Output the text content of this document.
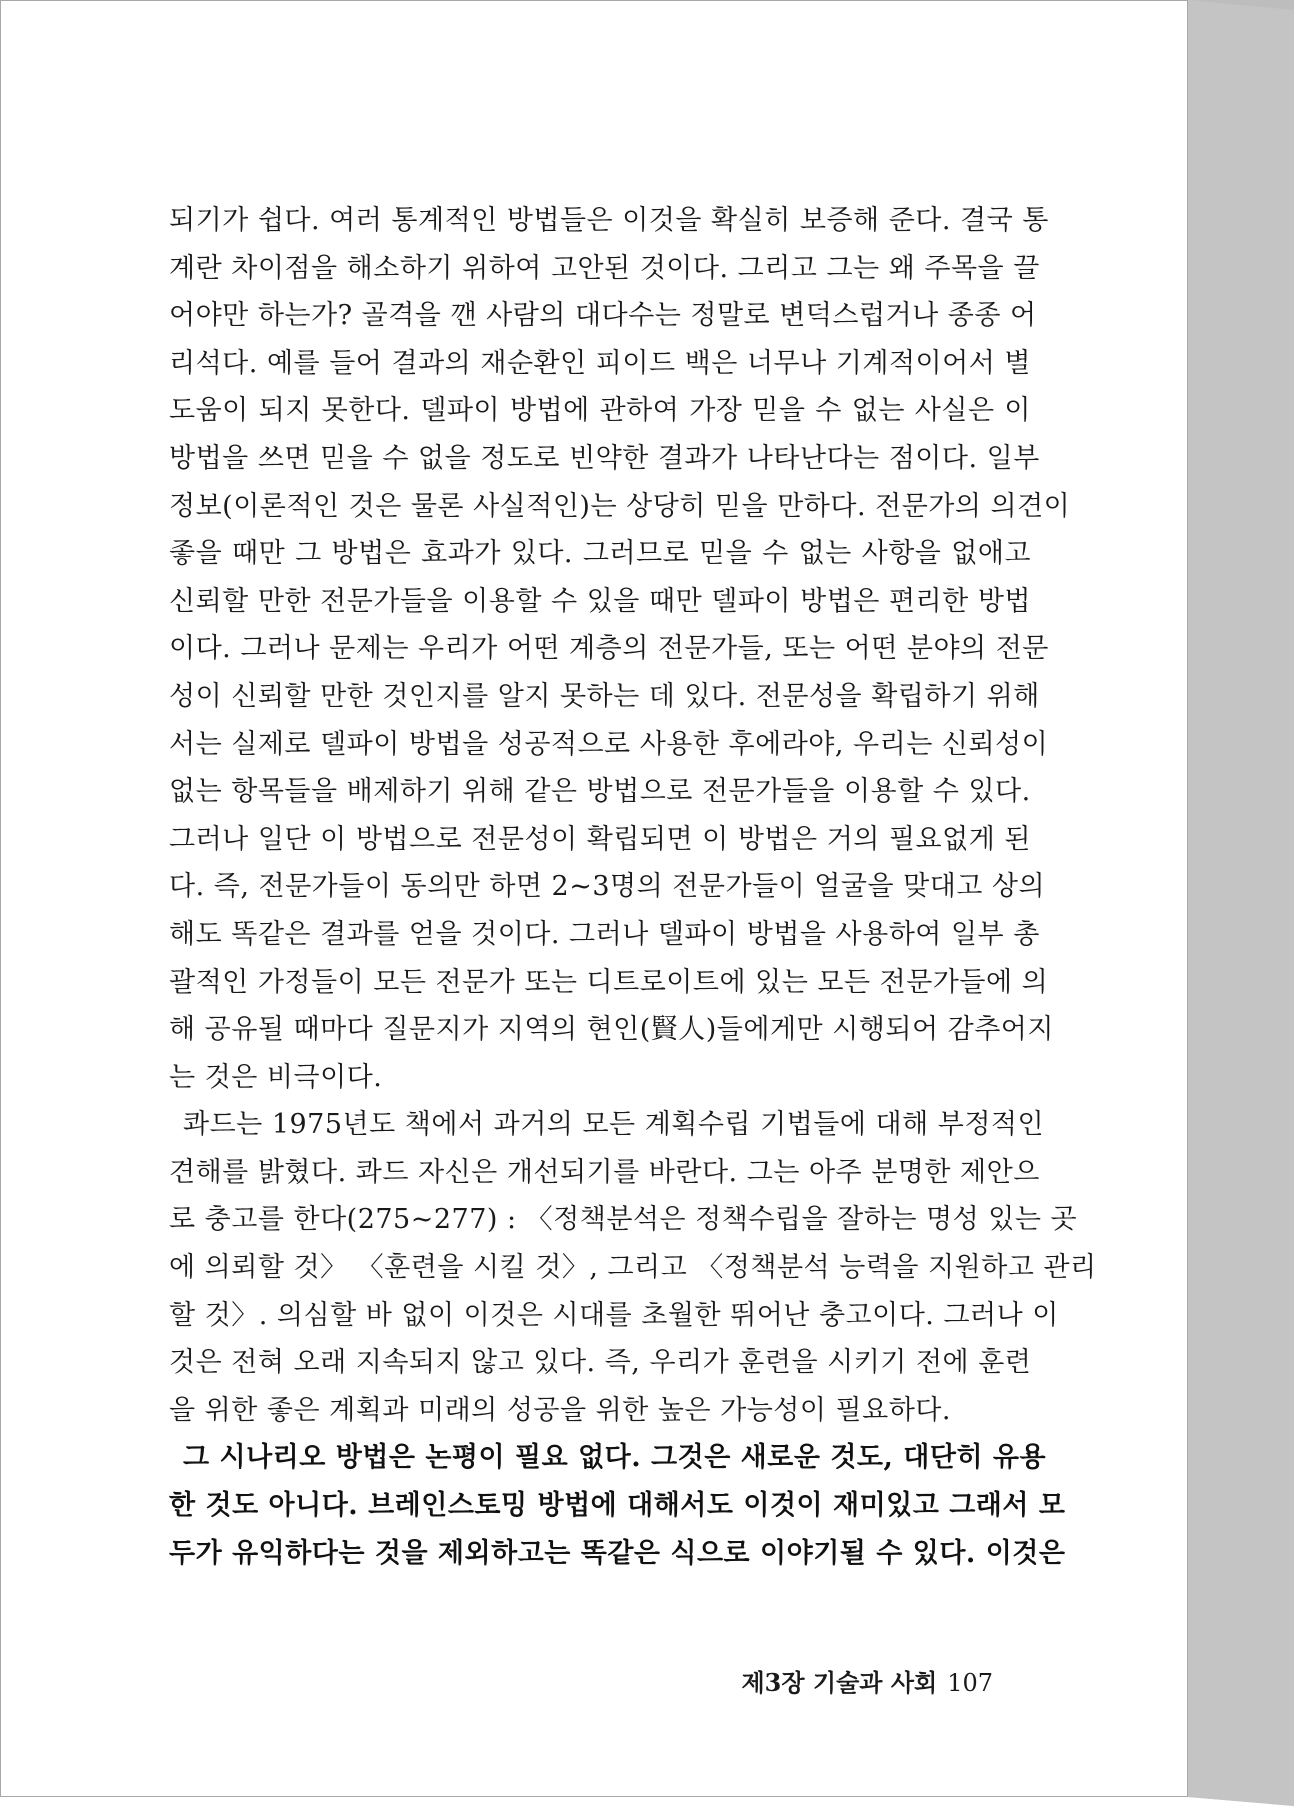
되기가 쉽다. 여러 통계적인 방법들은 이것을 확실히 보증해 준다. 결국 통
계란 차이점을 해소하기 위하여 고안된 것이다. 그리고 그는 왜 주목을 끌
어야만 하는가? 골격을 깬 사람의 대다수는 정말로 변덕스럽거나 종종 어
리석다. 예를 들어 결과의 재순환인 피이드 백은 너무나 기계적이어서 별
도움이 되지 못한다. 델파이 방법에 관하여 가장 믿을 수 없는 사실은 이
방법을 쓰면 믿을 수 없을 정도로 빈약한 결과가 나타난다는 점이다. 일부
정보(이론적인 것은 물론 사실적인)는 상당히 믿을 만하다. 전문가의 의견이
좋을 때만 그 방법은 효과가 있다. 그러므로 믿을 수 없는 사항을 없애고
신뢰할 만한 전문가들을 이용할 수 있을 때만 델파이 방법은 편리한 방법
이다. 그러나 문제는 우리가 어떤 계층의 전문가들, 또는 어떤 분야의 전문
성이 신뢰할 만한 것인지를 알지 못하는 데 있다. 전문성을 확립하기 위해
서는 실제로 델파이 방법을 성공적으로 사용한 후에라야, 우리는 신뢰성이
없는 항목들을 배제하기 위해 같은 방법으로 전문가들을 이용할 수 있다.
그러나 일단 이 방법으로 전문성이 확립되면 이 방법은 거의 필요없게 된
다. 즉, 전문가들이 동의만 하면 2~3명의 전문가들이 얼굴을 맞대고 상의
해도 똑같은 결과를 얻을 것이다. 그러나 델파이 방법을 사용하여 일부 총
괄적인 가정들이 모든 전문가 또는 디트로이트에 있는 모든 전문가들에 의
해 공유될 때마다 질문지가 지역의 현인(賢人)들에게만 시행되어 감추어지
는 것은 비극이다.
콰드는 1975년도 책에서 과거의 모든 계획수립 기법들에 대해 부정적인
견해를 밝혔다. 콰드 자신은 개선되기를 바란다. 그는 아주 분명한 제안으
로 충고를 한다(275~277) : 〈정책분석은 정책수립을 잘하는 명성 있는 곳
에 의뢰할 것〉 〈훈련을 시킬 것〉, 그리고 〈정책분석 능력을 지원하고 관리
할 것〉. 의심할 바 없이 이것은 시대를 초월한 뛰어난 충고이다. 그러나 이
것은 전혀 오래 지속되지 않고 있다. 즉, 우리가 훈련을 시키기 전에 훈련
을 위한 좋은 계획과 미래의 성공을 위한 높은 가능성이 필요하다.
그 시나리오 방법은 논평이 필요 없다. 그것은 새로운 것도, 대단히 유용
한 것도 아니다. 브레인스토밍 방법에 대해서도 이것이 재미있고 그래서 모
두가 유익하다는 것을 제외하고는 똑같은 식으로 이야기될 수 있다. 이것은
제3장 기술과 사회 107
